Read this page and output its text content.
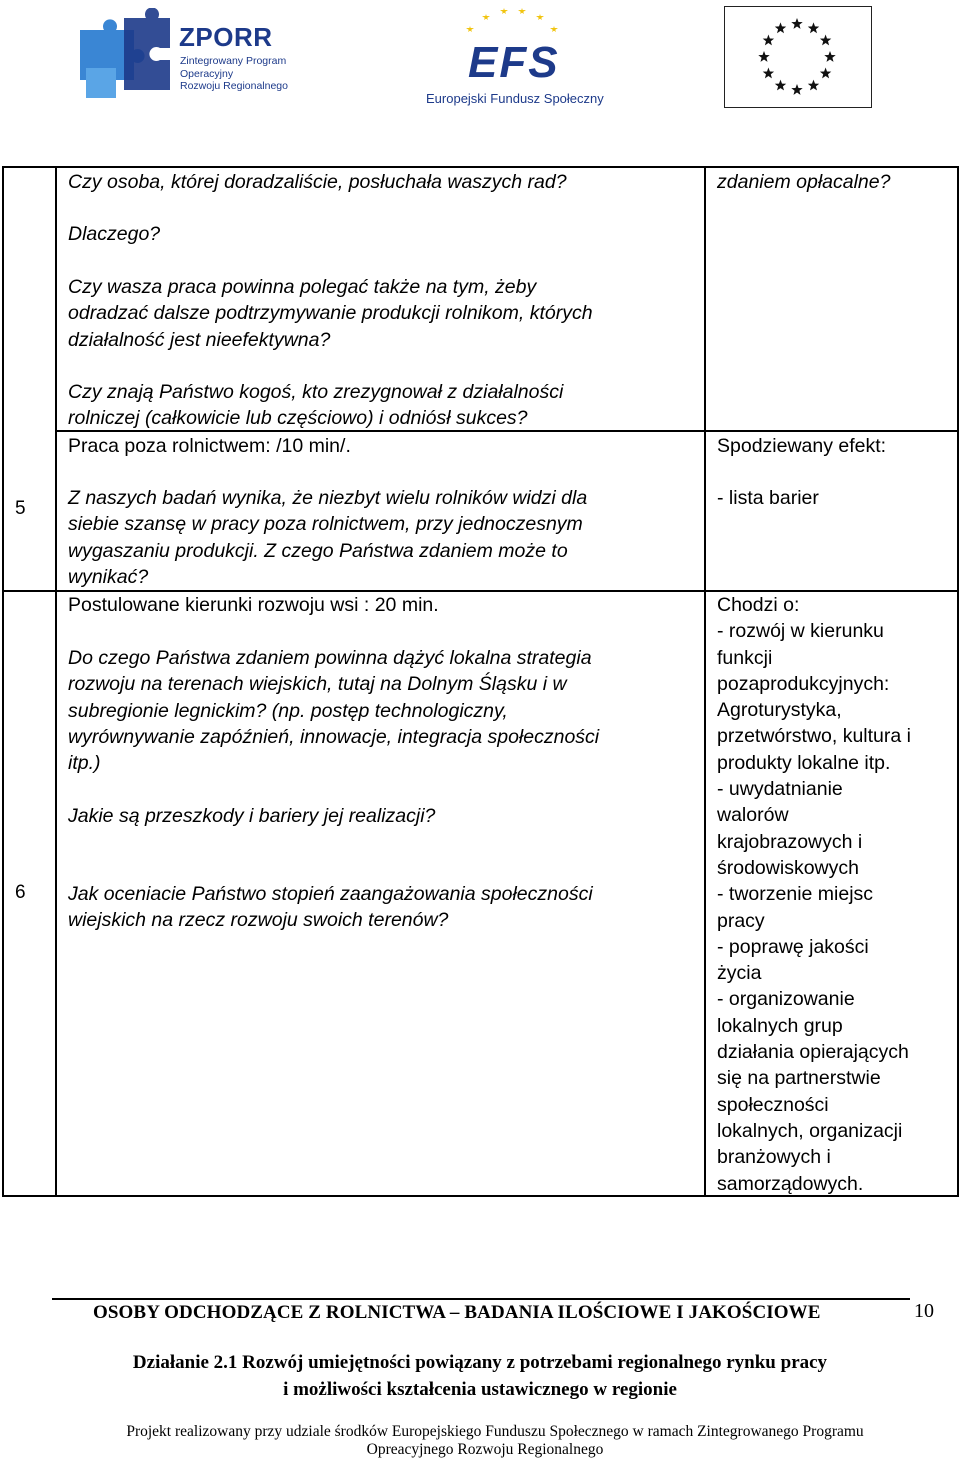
ZPORR
Zintegrowany Program
Operacyjny
Rozwoju Regionalnego	EFS
Europejski Fundusz Społeczny
5
6
Czy osoba, której doradzaliście, posłuchała waszych rad?
Dlaczego?
Czy wasza praca powinna polegać także na tym, żeby
odradzać dalsze podtrzymywanie produkcji rolnikom, których
działalność jest nieefektywna?
Czy znają Państwo kogoś, kto zrezygnował z działalności
rolniczej (całkowicie lub częściowo) i odniósł sukces?
Praca poza rolnictwem: /10 min/.
Z naszych badań wynika, że niezbyt wielu rolników widzi dla
siebie szansę w pracy poza rolnictwem, przy jednoczesnym
wygaszaniu produkcji. Z czego Państwa zdaniem może to
wynikać?
Postulowane kierunki rozwoju wsi : 20 min.
Do czego Państwa zdaniem powinna dążyć lokalna strategia
rozwoju na terenach wiejskich, tutaj na Dolnym Śląsku i w
subregionie legnickim? (np. postęp technologiczny,
wyrównywanie zapóźnień, innowacje, integracja społeczności
itp.)
Jakie są przeszkody i bariery jej realizacji?
Jak oceniacie Państwo stopień zaangażowania społeczności
wiejskich na rzecz rozwoju swoich terenów?
zdaniem opłacalne?
Spodziewany efekt:
- lista barier
Chodzi o:
- rozwój w kierunku
funkcji
pozaprodukcyjnych:
Agroturystyka,
przetwórstwo, kultura i
produkty lokalne itp.
- uwydatnianie
walorów
krajobrazowych i
środowiskowych
- tworzenie miejsc
pracy
- poprawę jakości
życia
- organizowanie
lokalnych grup
działania opierających
się na partnerstwie
społeczności
lokalnych, organizacji
branżowych i
samorządowych.
OSOBY ODCHODZĄCE Z ROLNICTWA – BADANIA ILOŚCIOWE I JAKOŚCIOWE	10
Działanie 2.1 Rozwój umiejętności powiązany z potrzebami regionalnego rynku pracy
i możliwości kształcenia ustawicznego w regionie
Projekt realizowany przy udziale środków Europejskiego Funduszu Społecznego w ramach Zintegrowanego Programu
Opreacyjnego Rozwoju Regionalnego
